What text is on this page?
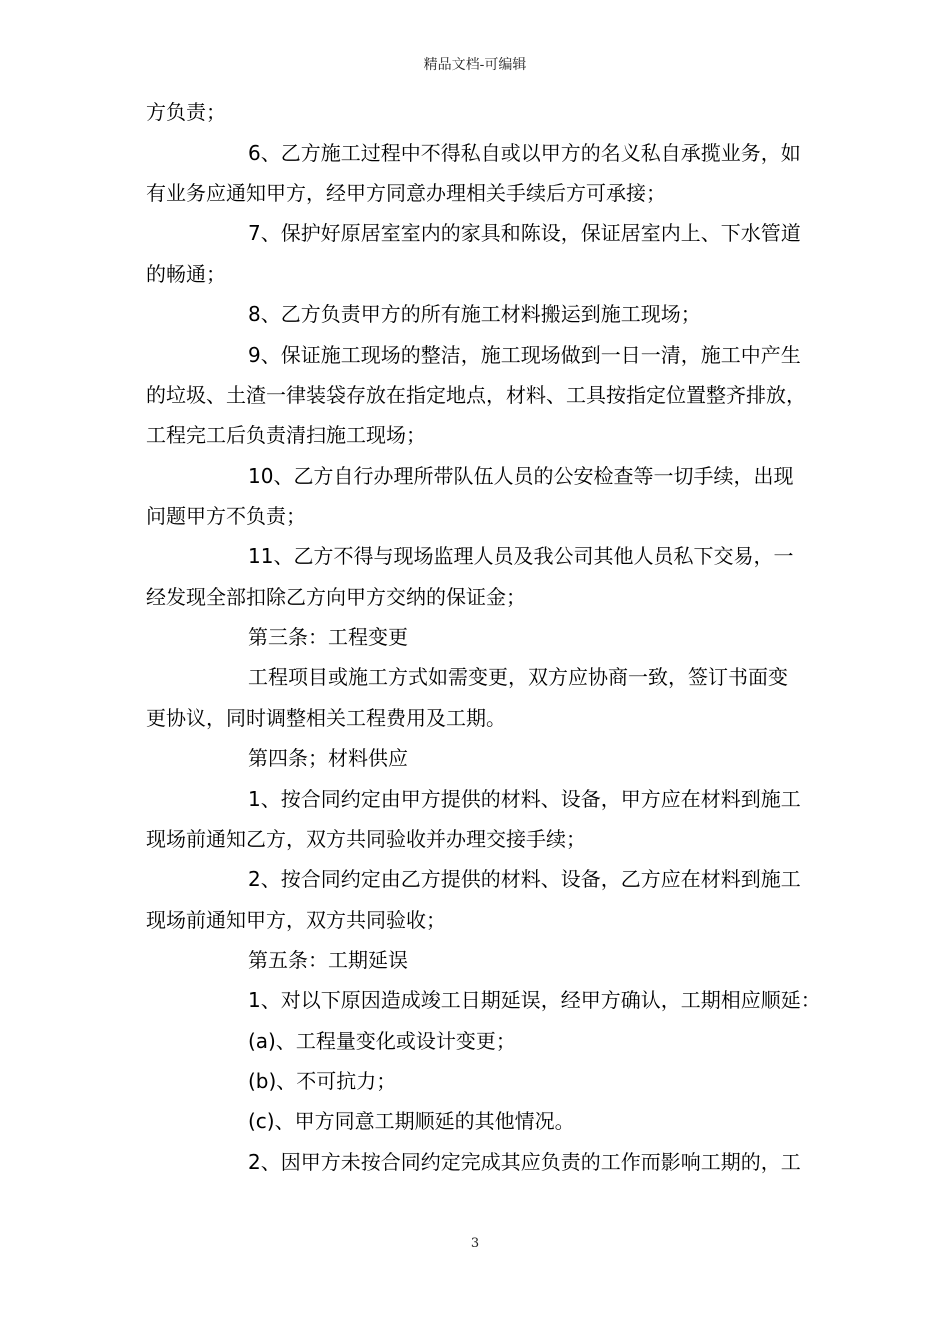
精品文档-可编辑
方负责；
6、乙方施工过程中不得私自或以甲方的名义私自承揽业务，如
有业务应通知甲方，经甲方同意办理相关手续后方可承接；
7、保护好原居室室内的家具和陈设，保证居室内上、下水管道
的畅通；
8、乙方负责甲方的所有施工材料搬运到施工现场；
9、保证施工现场的整洁，施工现场做到一日一清，施工中产生
的垃圾、土渣一律装袋存放在指定地点，材料、工具按指定位置整齐排放，
工程完工后负责清扫施工现场；
10、乙方自行办理所带队伍人员的公安检查等一切手续，出现
问题甲方不负责；
11、乙方不得与现场监理人员及我公司其他人员私下交易，一
经发现全部扣除乙方向甲方交纳的保证金；
第三条：工程变更
工程项目或施工方式如需变更，双方应协商一致，签订书面变
更协议，同时调整相关工程费用及工期。
第四条；材料供应
1、按合同约定由甲方提供的材料、设备，甲方应在材料到施工
现场前通知乙方，双方共同验收并办理交接手续；
2、按合同约定由乙方提供的材料、设备，乙方应在材料到施工
现场前通知甲方，双方共同验收；
第五条：工期延误
1、对以下原因造成竣工日期延误，经甲方确认，工期相应顺延：
(a)、工程量变化或设计变更；
(b)、不可抗力；
(c)、甲方同意工期顺延的其他情况。
2、因甲方未按合同约定完成其应负责的工作而影响工期的，工
3
